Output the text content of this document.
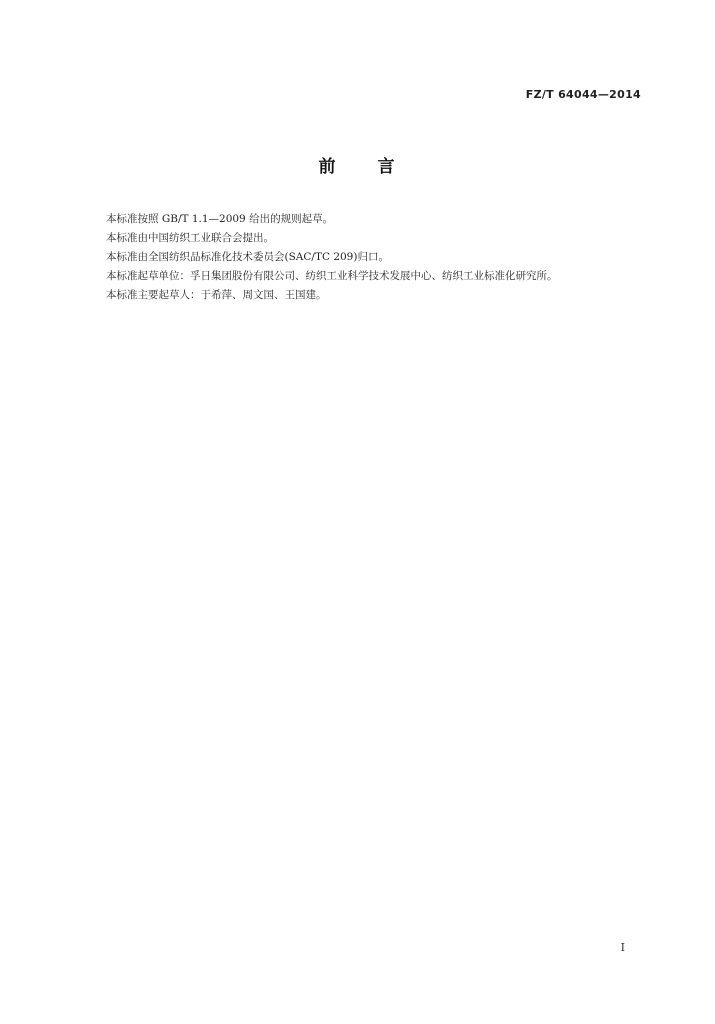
FZ/T 64044—2014
前 言

本标准按照 GB/T 1.1—2009 给出的规则起草。

本标准由中国纺织工业联合会提出。

本标准由全国纺织品标准化技术委员会(SAC/TC 209)归口。

本标准起草单位：孚日集团股份有限公司、纺织工业科学技术发展中心、纺织工业标准化研究所。

本标准主要起草人：于希萍、周文国、王国建。

I
